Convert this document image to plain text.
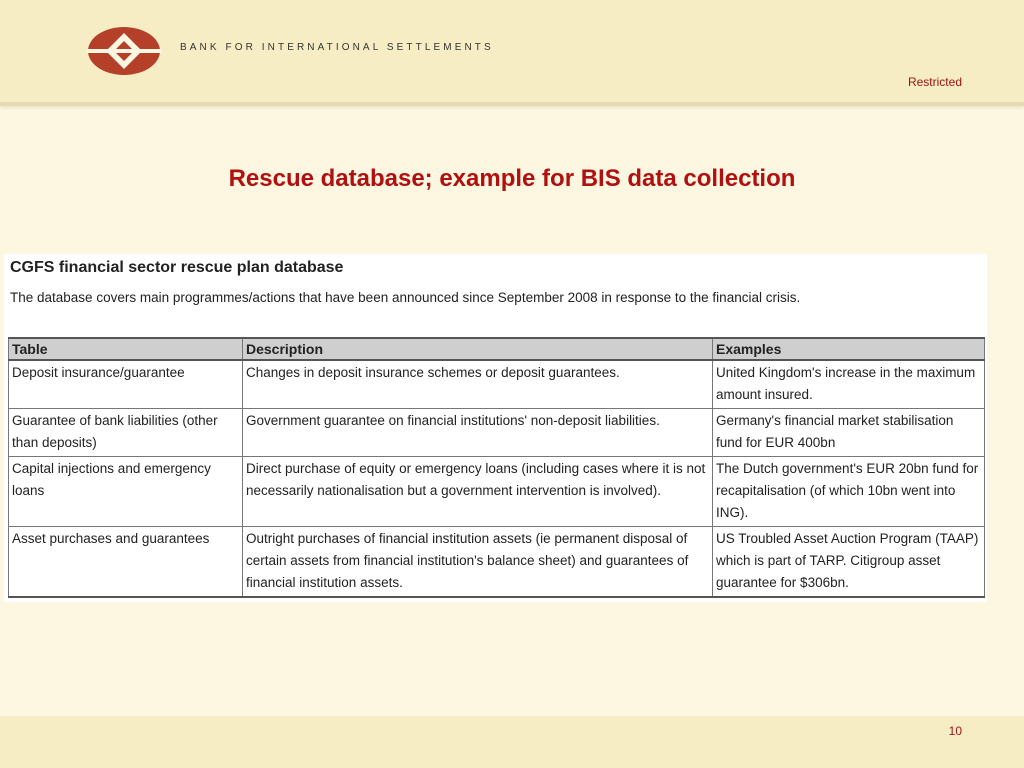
BANK FOR INTERNATIONAL SETTLEMENTS
Restricted
Rescue database; example for BIS data collection
CGFS financial sector rescue plan database
The database covers main programmes/actions that have been announced since September 2008 in response to the financial crisis.
Table	Description	Examples
Deposit insurance/guarantee	Changes in deposit insurance schemes or deposit guarantees.	United Kingdom's increase in the maximum amount insured.
Guarantee of bank liabilities (other than deposits)	Government guarantee on financial institutions' non-deposit liabilities.	Germany's financial market stabilisation fund for EUR 400bn
Capital injections and emergency loans	Direct purchase of equity or emergency loans (including cases where it is not necessarily nationalisation but a government intervention is involved).	The Dutch government's EUR 20bn fund for recapitalisation (of which 10bn went into ING).
Asset purchases and guarantees	Outright purchases of financial institution assets (ie permanent disposal of certain assets from financial institution's balance sheet) and guarantees of financial institution assets.	US Troubled Asset Auction Program (TAAP) which is part of TARP. Citigroup asset guarantee for $306bn.
10
